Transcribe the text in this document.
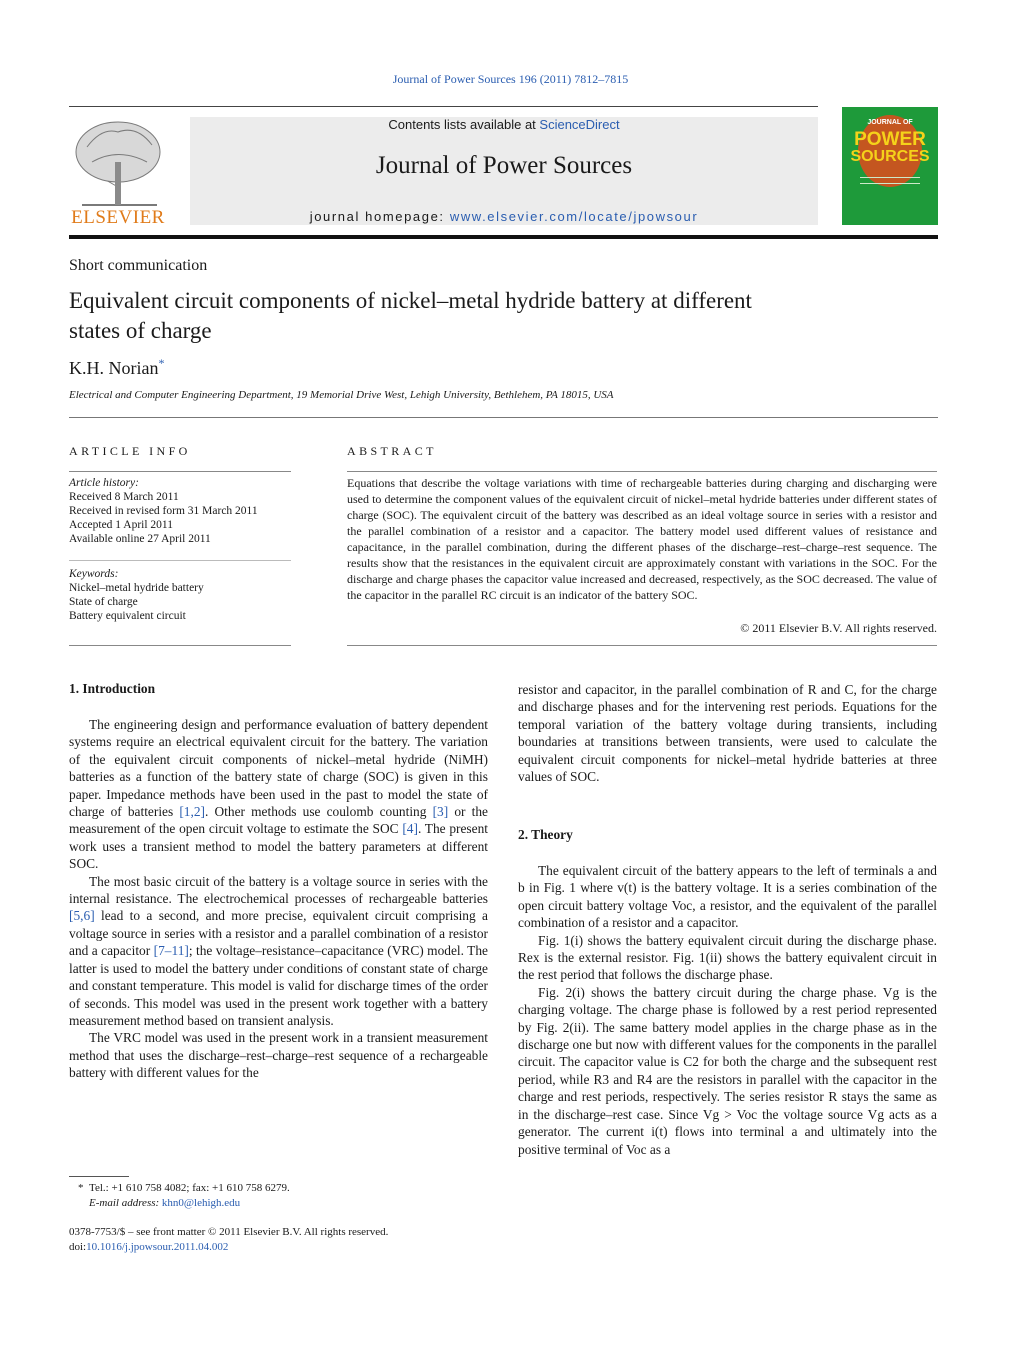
Journal of Power Sources 196 (2011) 7812–7815
ELSEVIER
Contents lists available at ScienceDirect
Journal of Power Sources
journal homepage: www.elsevier.com/locate/jpowsour
JOURNAL OF
POWER
SOURCES
Short communication
Equivalent circuit components of nickel–metal hydride battery at different states of charge
K.H. Norian*
Electrical and Computer Engineering Department, 19 Memorial Drive West, Lehigh University, Bethlehem, PA 18015, USA
ARTICLE INFO
Article history:
Received 8 March 2011
Received in revised form 31 March 2011
Accepted 1 April 2011
Available online 27 April 2011
Keywords:
Nickel–metal hydride battery
State of charge
Battery equivalent circuit
ABSTRACT
Equations that describe the voltage variations with time of rechargeable batteries during charging and discharging were used to determine the component values of the equivalent circuit of nickel–metal hydride batteries under different states of charge (SOC). The equivalent circuit of the battery was described as an ideal voltage source in series with a resistor and the parallel combination of a resistor and a capacitor. The battery model used different values of resistance and capacitance, in the parallel combination, during the different phases of the discharge–rest–charge–rest sequence. The results show that the resistances in the equivalent circuit are approximately constant with variations in the SOC. For the discharge and charge phases the capacitor value increased and decreased, respectively, as the SOC decreased. The value of the capacitor in the parallel RC circuit is an indicator of the battery SOC.
© 2011 Elsevier B.V. All rights reserved.
1. Introduction

The engineering design and performance evaluation of battery dependent systems require an electrical equivalent circuit for the battery. The variation of the equivalent circuit components of nickel–metal hydride (NiMH) batteries as a function of the battery state of charge (SOC) is given in this paper. Impedance methods have been used in the past to model the state of charge of batteries [1,2]. Other methods use coulomb counting [3] or the measurement of the open circuit voltage to estimate the SOC [4]. The present work uses a transient method to model the battery parameters at different SOC.

The most basic circuit of the battery is a voltage source in series with the internal resistance. The electrochemical processes of rechargeable batteries [5,6] lead to a second, and more precise, equivalent circuit comprising a voltage source in series with a resistor and a parallel combination of a resistor and a capacitor [7–11]; the voltage–resistance–capacitance (VRC) model. The latter is used to model the battery under conditions of constant state of charge and constant temperature. This model is valid for discharge times of the order of seconds. This model was used in the present work together with a battery measurement method based on transient analysis.

The VRC model was used in the present work in a transient measurement method that uses the discharge–rest–charge–rest sequence of a rechargeable battery with different values for the

resistor and capacitor, in the parallel combination of R and C, for the charge and discharge phases and for the intervening rest periods. Equations for the temporal variation of the battery voltage during transients, including boundaries at transitions between transients, were used to calculate the equivalent circuit components for nickel–metal hydride batteries at three values of SOC.

2. Theory

The equivalent circuit of the battery appears to the left of terminals a and b in Fig. 1 where v(t) is the battery voltage. It is a series combination of the open circuit battery voltage Voc, a resistor, and the equivalent of the parallel combination of a resistor and a capacitor.

Fig. 1(i) shows the battery equivalent circuit during the discharge phase. Rex is the external resistor. Fig. 1(ii) shows the battery equivalent circuit in the rest period that follows the discharge phase.

Fig. 2(i) shows the battery circuit during the charge phase. Vg is the charging voltage. The charge phase is followed by a rest period represented by Fig. 2(ii). The same battery model applies in the charge phase as in the discharge one but now with different values for the components in the parallel circuit. The capacitor value is C2 for both the charge and the subsequent rest period, while R3 and R4 are the resistors in parallel with the capacitor in the charge and rest periods, respectively. The series resistor R stays the same as in the discharge–rest case. Since Vg > Voc the voltage source Vg acts as a generator. The current i(t) flows into terminal a and ultimately into the positive terminal of Voc as a

* Tel.: +1 610 758 4082; fax: +1 610 758 6279.
E-mail address: khn0@lehigh.edu
0378-7753/$ – see front matter © 2011 Elsevier B.V. All rights reserved.
doi:10.1016/j.jpowsour.2011.04.002
